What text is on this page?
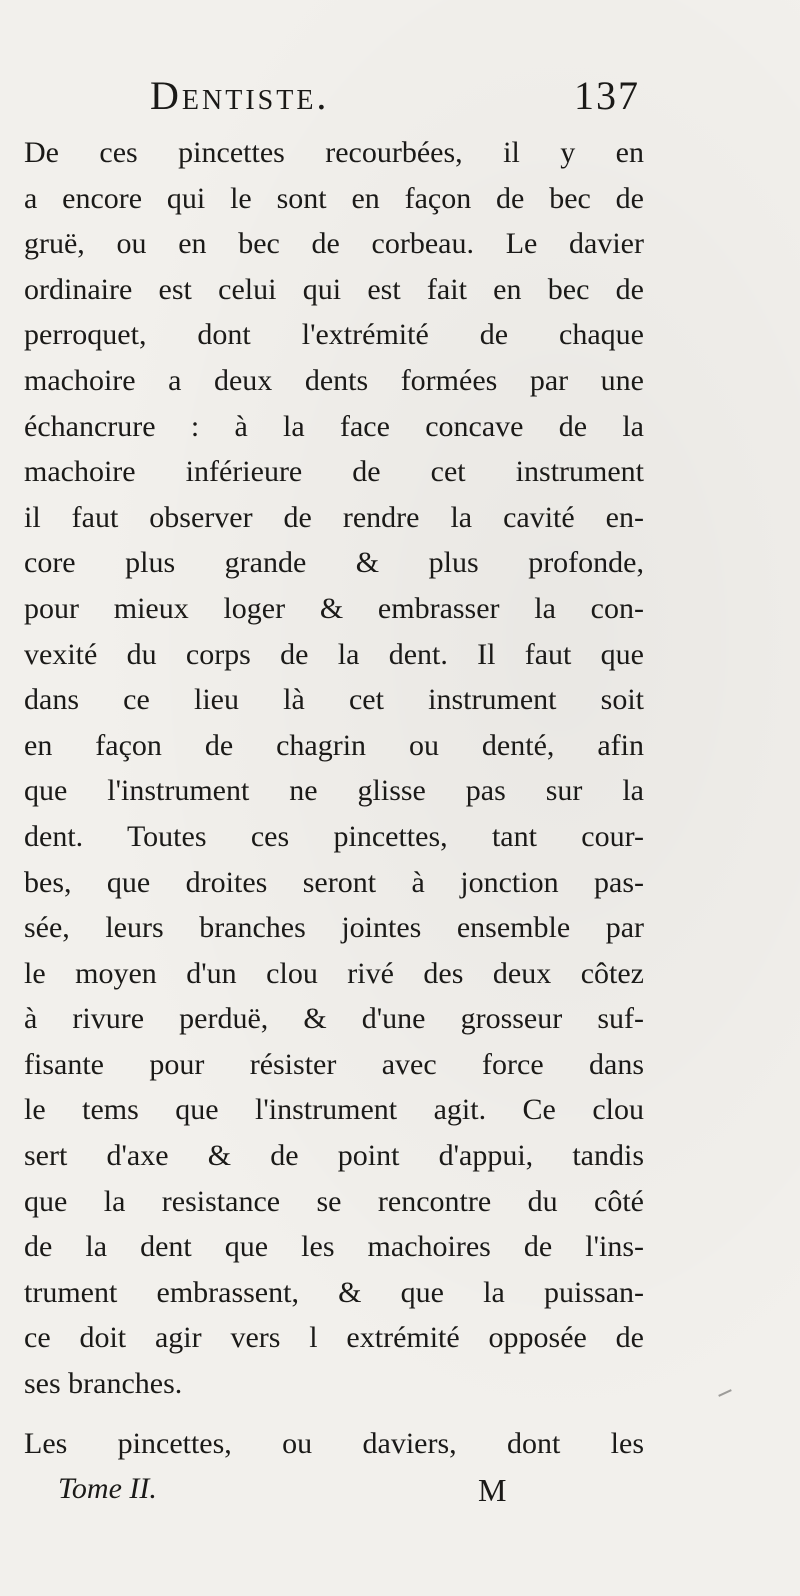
Dentiste.	137
De ces pincettes recourbées, il y en
a encore qui le sont en façon de bec de
gruë, ou en bec de corbeau. Le davier
ordinaire est celui qui est fait en bec de
perroquet, dont l'extrémité de chaque
machoire a deux dents formées par une
échancrure : à la face concave de la
machoire inférieure de cet instrument
il faut observer de rendre la cavité en-
core plus grande & plus profonde,
pour mieux loger & embrasser la con-
vexité du corps de la dent. Il faut que
dans ce lieu là cet instrument soit
en façon de chagrin ou denté, afin
que l'instrument ne glisse pas sur la
dent. Toutes ces pincettes, tant cour-
bes, que droites seront à jonction pas-
sée, leurs branches jointes ensemble par
le moyen d'un clou rivé des deux côtez
à rivure perduë, & d'une grosseur suf-
fisante pour résister avec force dans
le tems que l'instrument agit. Ce clou
sert d'axe & de point d'appui, tandis
que la resistance se rencontre du côté
de la dent que les machoires de l'ins-
trument embrassent, & que la puissan-
ce doit agir vers l extrémité opposée de
ses branches.
Les pincettes, ou daviers, dont les
Tome II.	M
